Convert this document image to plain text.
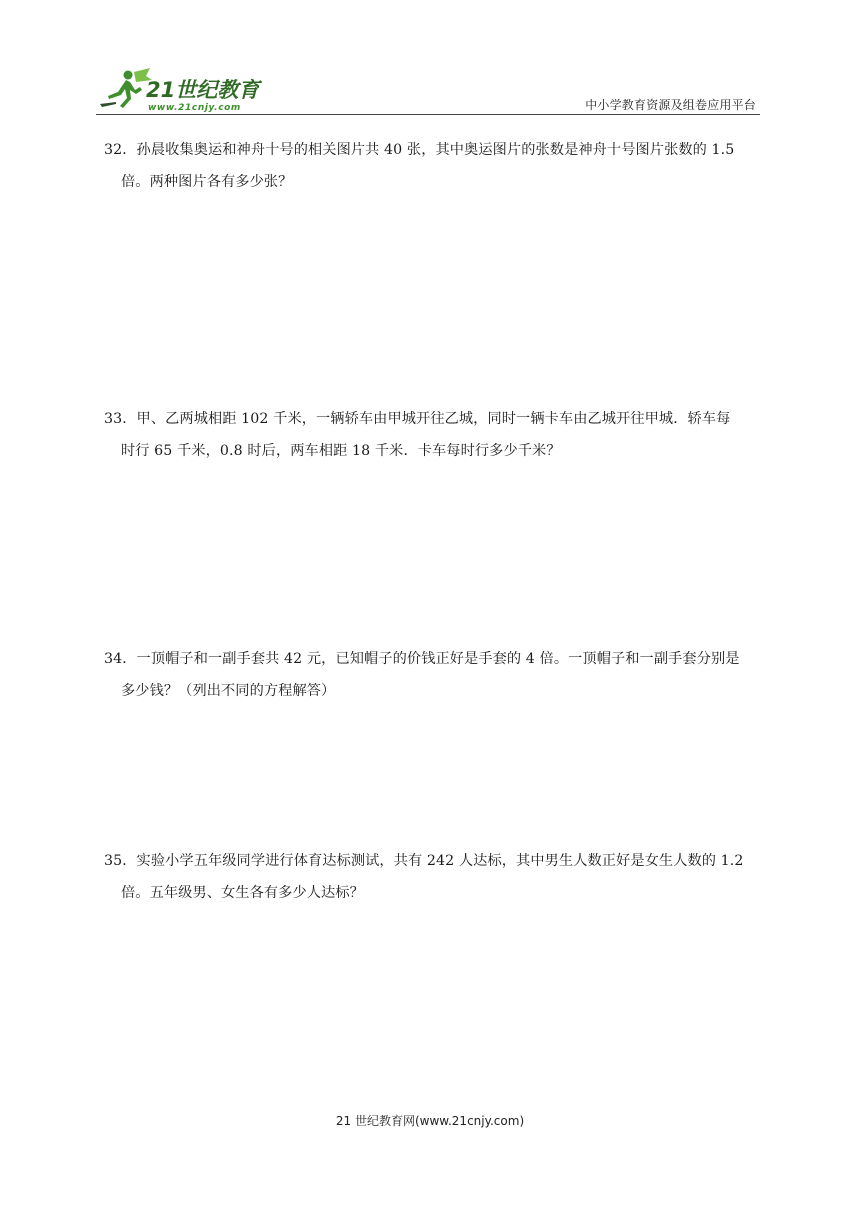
21世纪教育
www.21cnjy.com	中小学教育资源及组卷应用平台
32．孙晨收集奥运和神舟十号的相关图片共 40 张，其中奥运图片的张数是神舟十号图片张数的 1.5
倍。两种图片各有多少张？
33．甲、乙两城相距 102 千米，一辆轿车由甲城开往乙城，同时一辆卡车由乙城开往甲城．轿车每
时行 65 千米，0.8 时后，两车相距 18 千米．卡车每时行多少千米？
34．一顶帽子和一副手套共 42 元，已知帽子的价钱正好是手套的 4 倍。一顶帽子和一副手套分别是
多少钱？（列出不同的方程解答）
35．实验小学五年级同学进行体育达标测试，共有 242 人达标，其中男生人数正好是女生人数的 1.2
倍。五年级男、女生各有多少人达标？
21 世纪教育网(www.21cnjy.com)
